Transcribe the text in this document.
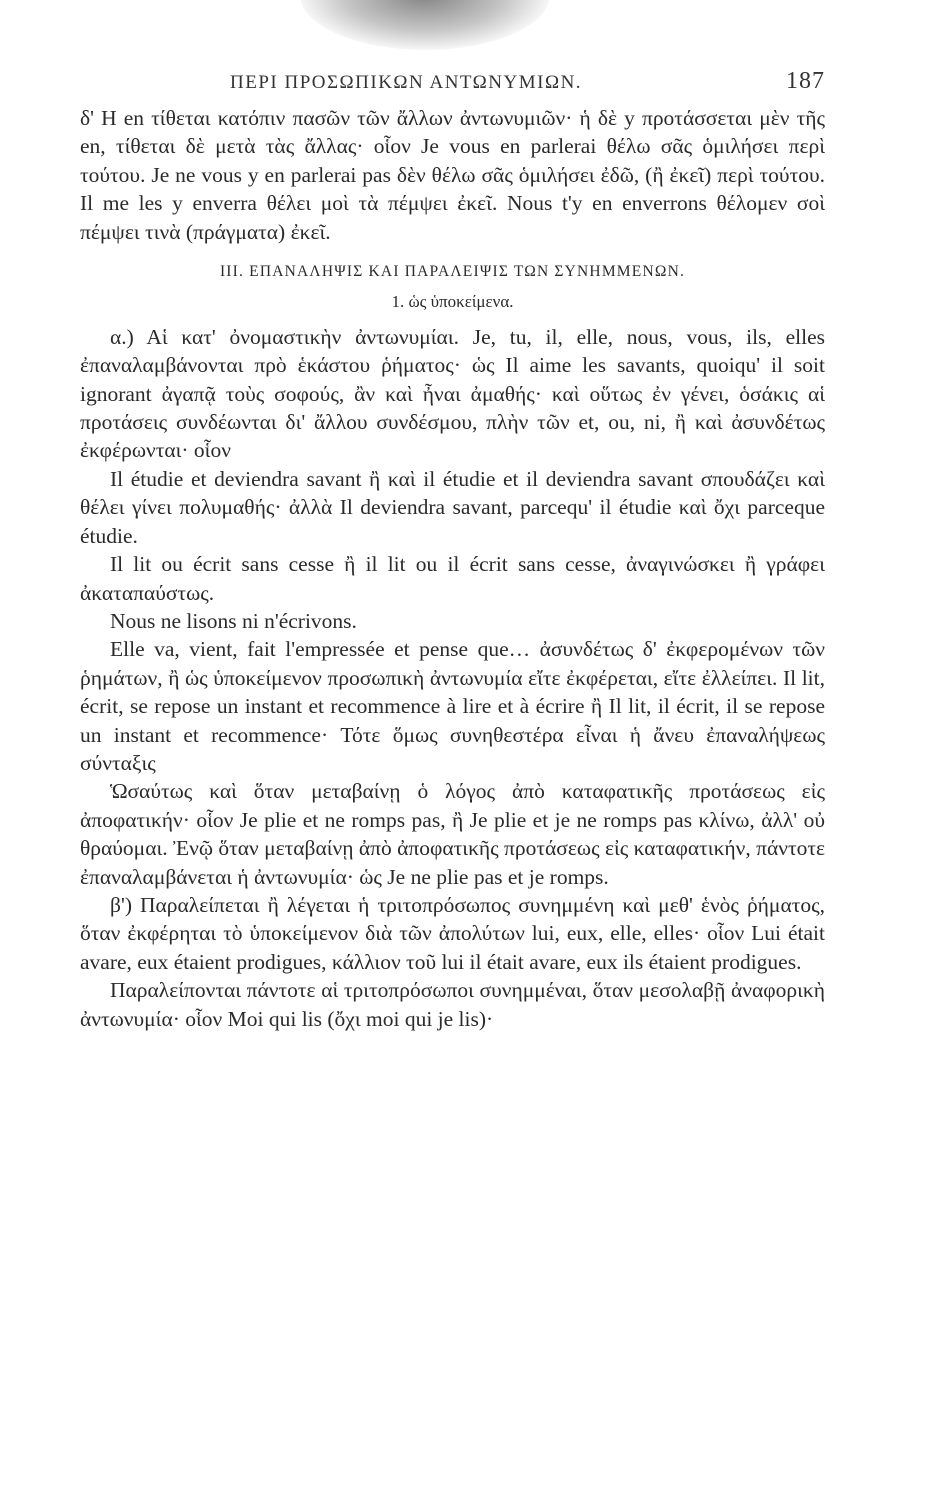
ΠΕΡΙ ΠΡΟΣΩΠΙΚΩΝ ΑΝΤΩΝΥΜΙΩΝ.	187

δ' Η en τίθεται κατόπιν πασῶν τῶν ἄλλων ἀντωνυμιῶν· ἡ δὲ y προτάσσεται μὲν τῆς en, τίθεται δὲ μετὰ τὰς ἄλλας· οἷον Je vous en parlerai θέλω σᾶς ὁμιλήσει περὶ τούτου. Je ne vous y en parlerai pas δὲν θέλω σᾶς ὁμιλήσει ἐδῶ, (ἢ ἐκεῖ) περὶ τούτου. Il me les y enverra θέλει μοὶ τὰ πέμψει ἐκεῖ. Nous t'y en enverrons θέλομεν σοὶ πέμψει τινὰ (πράγματα) ἐκεῖ.

III. ΕΠΑΝΑΛΗΨΙΣ ΚΑΙ ΠΑΡΑΛΕΙΨΙΣ ΤΩΝ ΣΥΝΗΜΜΕΝΩΝ.

1. ὡς ὑποκείμενα.

α.) Αἱ κατ' ὀνομαστικὴν ἀντωνυμίαι. Je, tu, il, elle, nous, vous, ils, elles ἐπαναλαμβάνονται πρὸ ἑκάστου ῥήματος· ὡς Il aime les savants, quoiqu' il soit ignorant ἀγαπᾷ τοὺς σοφούς, ἂν καὶ ἦναι ἀμαθής· καὶ οὕτως ἐν γένει, ὁσάκις αἱ προτάσεις συνδέωνται δι' ἄλλου συνδέσμου, πλὴν τῶν et, ou, ni, ἢ καὶ ἀσυνδέτως ἐκφέρωνται· οἷον

Il étudie et deviendra savant ἢ καὶ il étudie et il deviendra savant σπουδάζει καὶ θέλει γίνει πολυμαθής· ἀλλὰ Il deviendra savant, parcequ' il étudie καὶ ὄχι parceque étudie.

Il lit ou écrit sans cesse ἢ il lit ou il écrit sans cesse, ἀναγινώσκει ἢ γράφει ἀκαταπαύστως.

Nous ne lisons ni n'écrivons.

Elle va, vient, fait l'empressée et pense que… ἀσυνδέτως δ' ἐκφερομένων τῶν ῥημάτων, ἢ ὡς ὑποκείμενον προσωπικὴ ἀντωνυμία εἴτε ἐκφέρεται, εἴτε ἐλλείπει. Il lit, écrit, se repose un instant et recommence à lire et à écrire ἢ Il lit, il écrit, il se repose un instant et recommence· Τότε ὅμως συνηθεστέρα εἶναι ἡ ἄνευ ἐπαναλήψεως σύνταξις

Ὡσαύτως καὶ ὅταν μεταβαίνῃ ὁ λόγος ἀπὸ καταφατικῆς προτάσεως εἰς ἀποφατικήν· οἷον Je plie et ne romps pas, ἢ Je plie et je ne romps pas κλίνω, ἀλλ' οὐ θραύομαι. Ἐνῷ ὅταν μεταβαίνῃ ἀπὸ ἀποφατικῆς προτάσεως εἰς καταφατικήν, πάντοτε ἐπαναλαμβάνεται ἡ ἀντωνυμία· ὡς Je ne plie pas et je romps.

β') Παραλείπεται ἢ λέγεται ἡ τριτοπρόσωπος συνημμένη καὶ μεθ' ἑνὸς ῥήματος, ὅταν ἐκφέρηται τὸ ὑποκείμενον διὰ τῶν ἀπολύτων lui, eux, elle, elles· οἷον Lui était avare, eux étaient prodigues, κάλλιον τοῦ lui il était avare, eux ils étaient prodigues.

Παραλείπονται πάντοτε αἱ τριτοπρόσωποι συνημμέναι, ὅταν μεσολαβῇ ἀναφορικὴ ἀντωνυμία· οἷον Moi qui lis (ὄχι moi qui je lis)·
